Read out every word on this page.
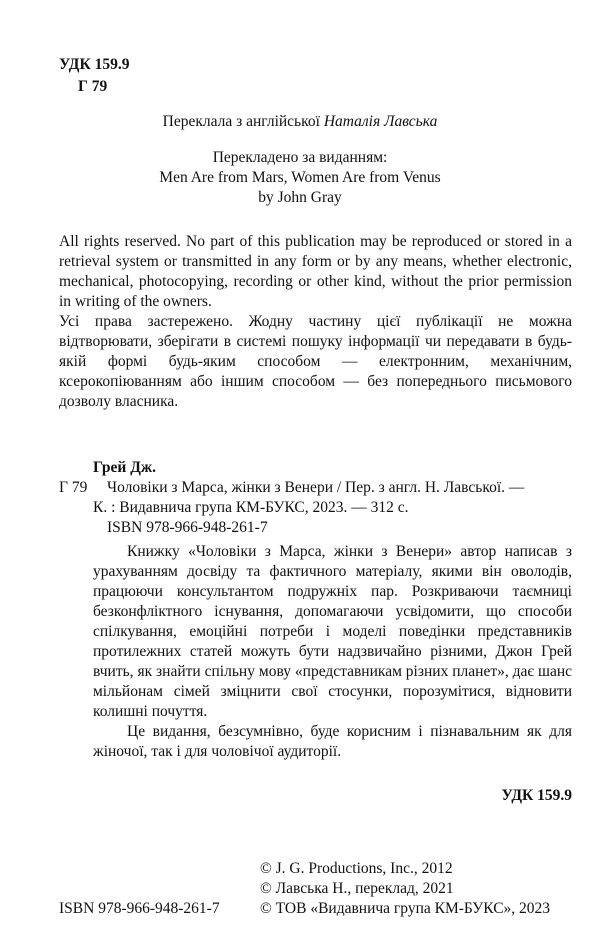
УДК 159.9
Г 79
Переклала з англійської Наталія Лавська
Перекладено за виданням:
Men Are from Mars, Women Are from Venus
by John Gray
All rights reserved. No part of this publication may be reproduced or stored in a retrieval system or transmitted in any form or by any means, whether electronic, mechanical, photocopying, recording or other kind, without the prior permission in writing of the owners.
Усі права застережено. Жодну частину цієї публікації не можна відтворювати, зберігати в системі пошуку інформації чи передавати в будь-якій формі будь-яким способом — електронним, механічним, ксерокопіюванням або іншим способом — без попереднього письмового дозволу власника.
Грей Дж.
Г 79 Чоловіки з Марса, жінки з Венери / Пер. з англ. Н. Лавської. —
К. : Видавнича група КМ-БУКС, 2023. — 312 с.
ISBN 978-966-948-261-7
Книжку «Чоловіки з Марса, жінки з Венери» автор написав з урахуванням досвіду та фактичного матеріалу, якими він оволодів, працюючи консультантом подружніх пар. Розкриваючи таємниці безконфліктного існування, допомагаючи усвідомити, що способи спілкування, емоційні потреби і моделі поведінки представників протилежних статей можуть бути надзвичайно різними, Джон Грей вчить, як знайти спільну мову «представникам різних планет», дає шанс мільйонам сімей зміцнити свої стосунки, порозумітися, відновити колишні почуття.
Це видання, безсумнівно, буде корисним і пізнавальним як для жіночої, так і для чоловічої аудиторії.
УДК 159.9
© J. G. Productions, Inc., 2012
© Лавська Н., переклад, 2021
© ТОВ «Видавнича група КМ-БУКС», 2023
ISBN 978-966-948-261-7
